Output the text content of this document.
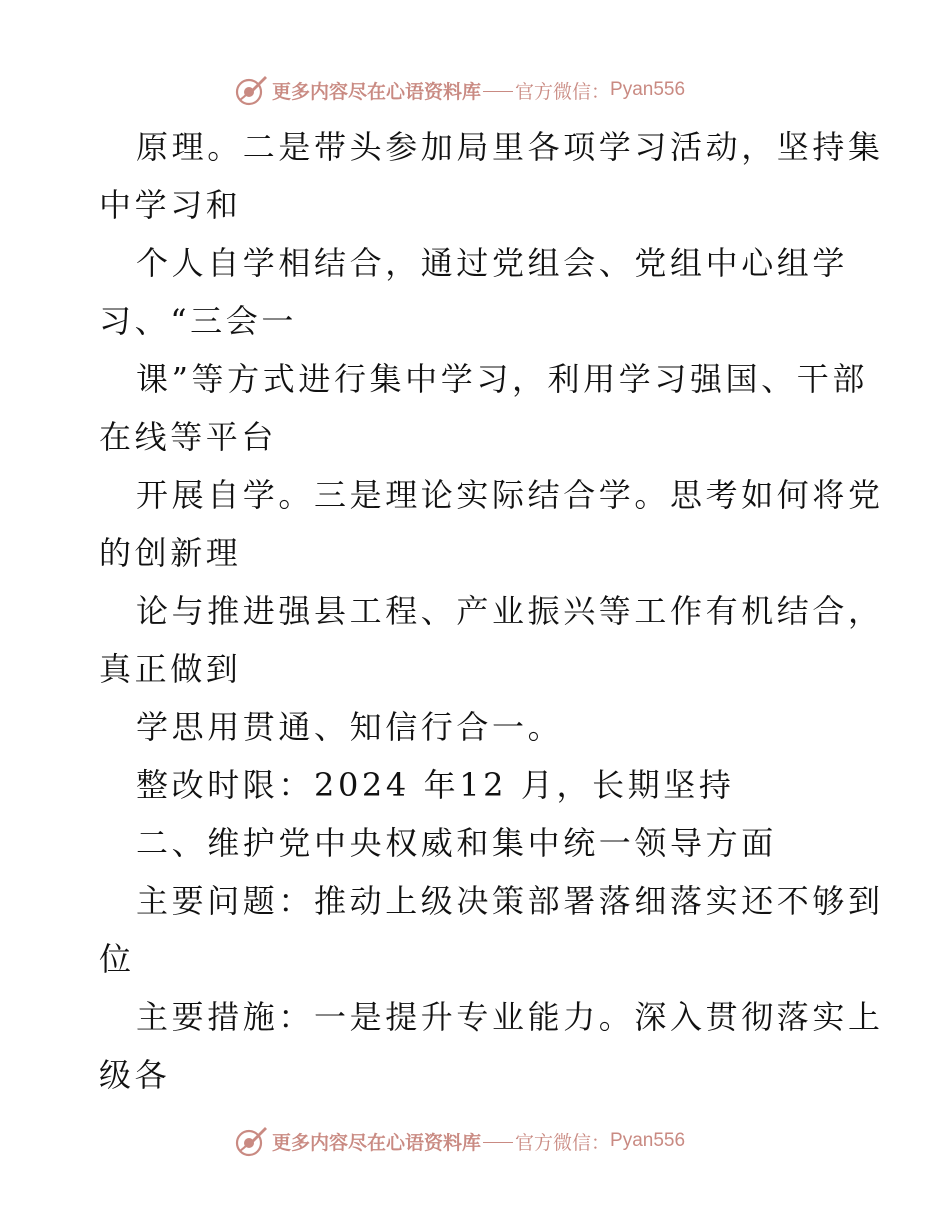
更多内容尽在心语资料库 官方微信： Pyan556
原理。二是带头参加局里各项学习活动，坚持集
中学习和
个人自学相结合，通过党组会、党组中心组学
习、“三会一
课”等方式进行集中学习，利用学习强国、干部
在线等平台
开展自学。三是理论实际结合学。思考如何将党
的创新理
论与推进强县工程、产业振兴等工作有机结合，
真正做到
学思用贯通、知信行合一。
整改时限：2024 年12 月，长期坚持
二、维护党中央权威和集中统一领导方面
主要问题：推动上级决策部署落细落实还不够到
位
主要措施：一是提升专业能力。深入贯彻落实上
级各
更多内容尽在心语资料库 官方微信： Pyan556
